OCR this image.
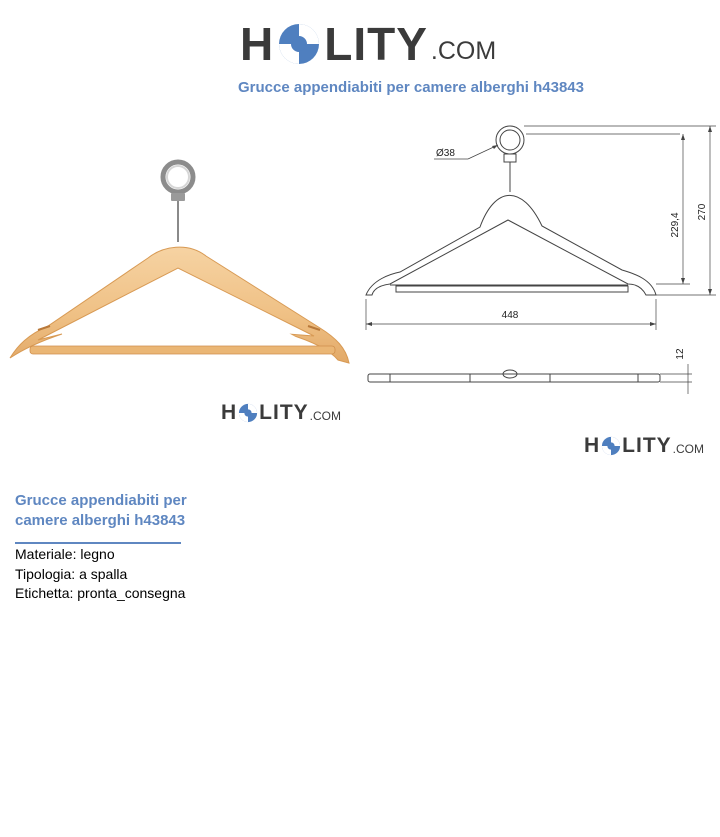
H LITY .COM
Grucce appendiabiti per camere alberghi h43843
H LITY .COM
Ø38
229,4
270
448
12
H LITY .COM
Grucce appendiabiti per camere alberghi h43843
Materiale: legno
Tipologia: a spalla
Etichetta: pronta_consegna
